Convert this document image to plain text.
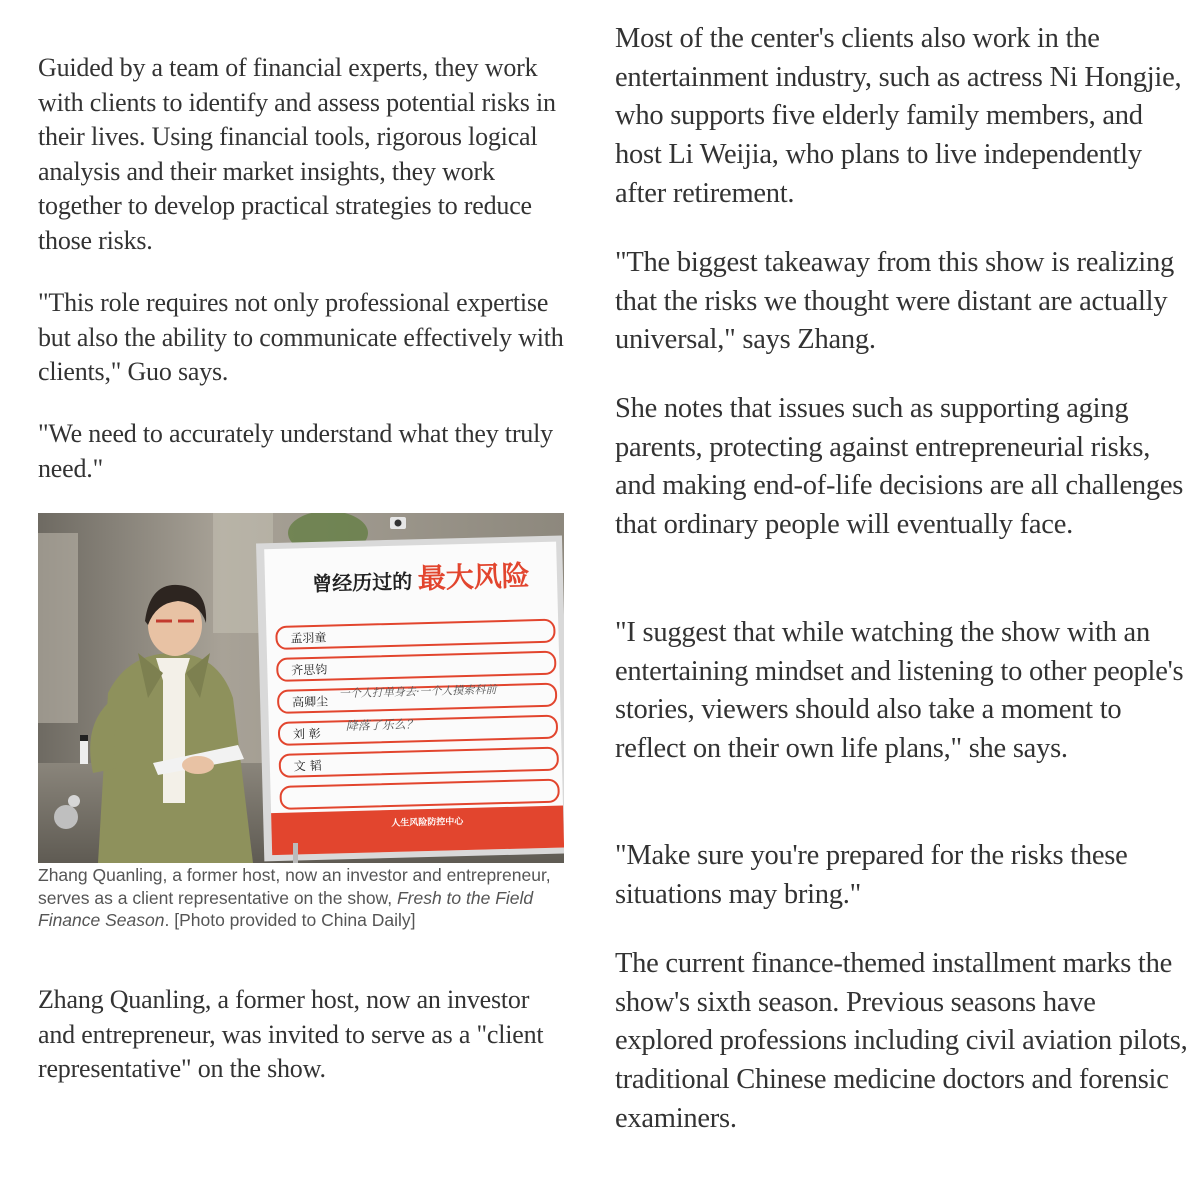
Guided by a team of financial experts, they work with clients to identify and assess potential risks in their lives. Using financial tools, rigorous logical analysis and their market insights, they work together to develop practical strategies to reduce those risks.

"This role requires not only professional expertise but also the ability to communicate effectively with clients," Guo says.

"We need to accurately understand what they truly need."

Zhang Quanling, a former host, now an investor and entrepreneur, was invited to serve as a "client representative" on the show.

曾经历过的 最大风险
孟羽童
齐思钧
高卿尘
刘 彰
文 韬
一个人打单身去·一个人摸索科前
降落了乐么？
人生风险防控中心

Zhang Quanling, a former host, now an investor and entrepreneur, serves as a client representative on the show, Fresh to the Field Finance Season. [Photo provided to China Daily]

Most of the center's clients also work in the entertainment industry, such as actress Ni Hongjie, who supports five elderly family members, and host Li Weijia, who plans to live independently after retirement.

"The biggest takeaway from this show is realizing that the risks we thought were distant are actually universal," says Zhang.

She notes that issues such as supporting aging parents, protecting against entrepreneurial risks, and making end-of-life decisions are all challenges that ordinary people will eventually face.

"I suggest that while watching the show with an entertaining mindset and listening to other people's stories, viewers should also take a moment to reflect on their own life plans," she says.

"Make sure you're prepared for the risks these situations may bring."

The current finance-themed installment marks the show's sixth season. Previous seasons have explored professions including civil aviation pilots, traditional Chinese medicine doctors and forensic examiners.
